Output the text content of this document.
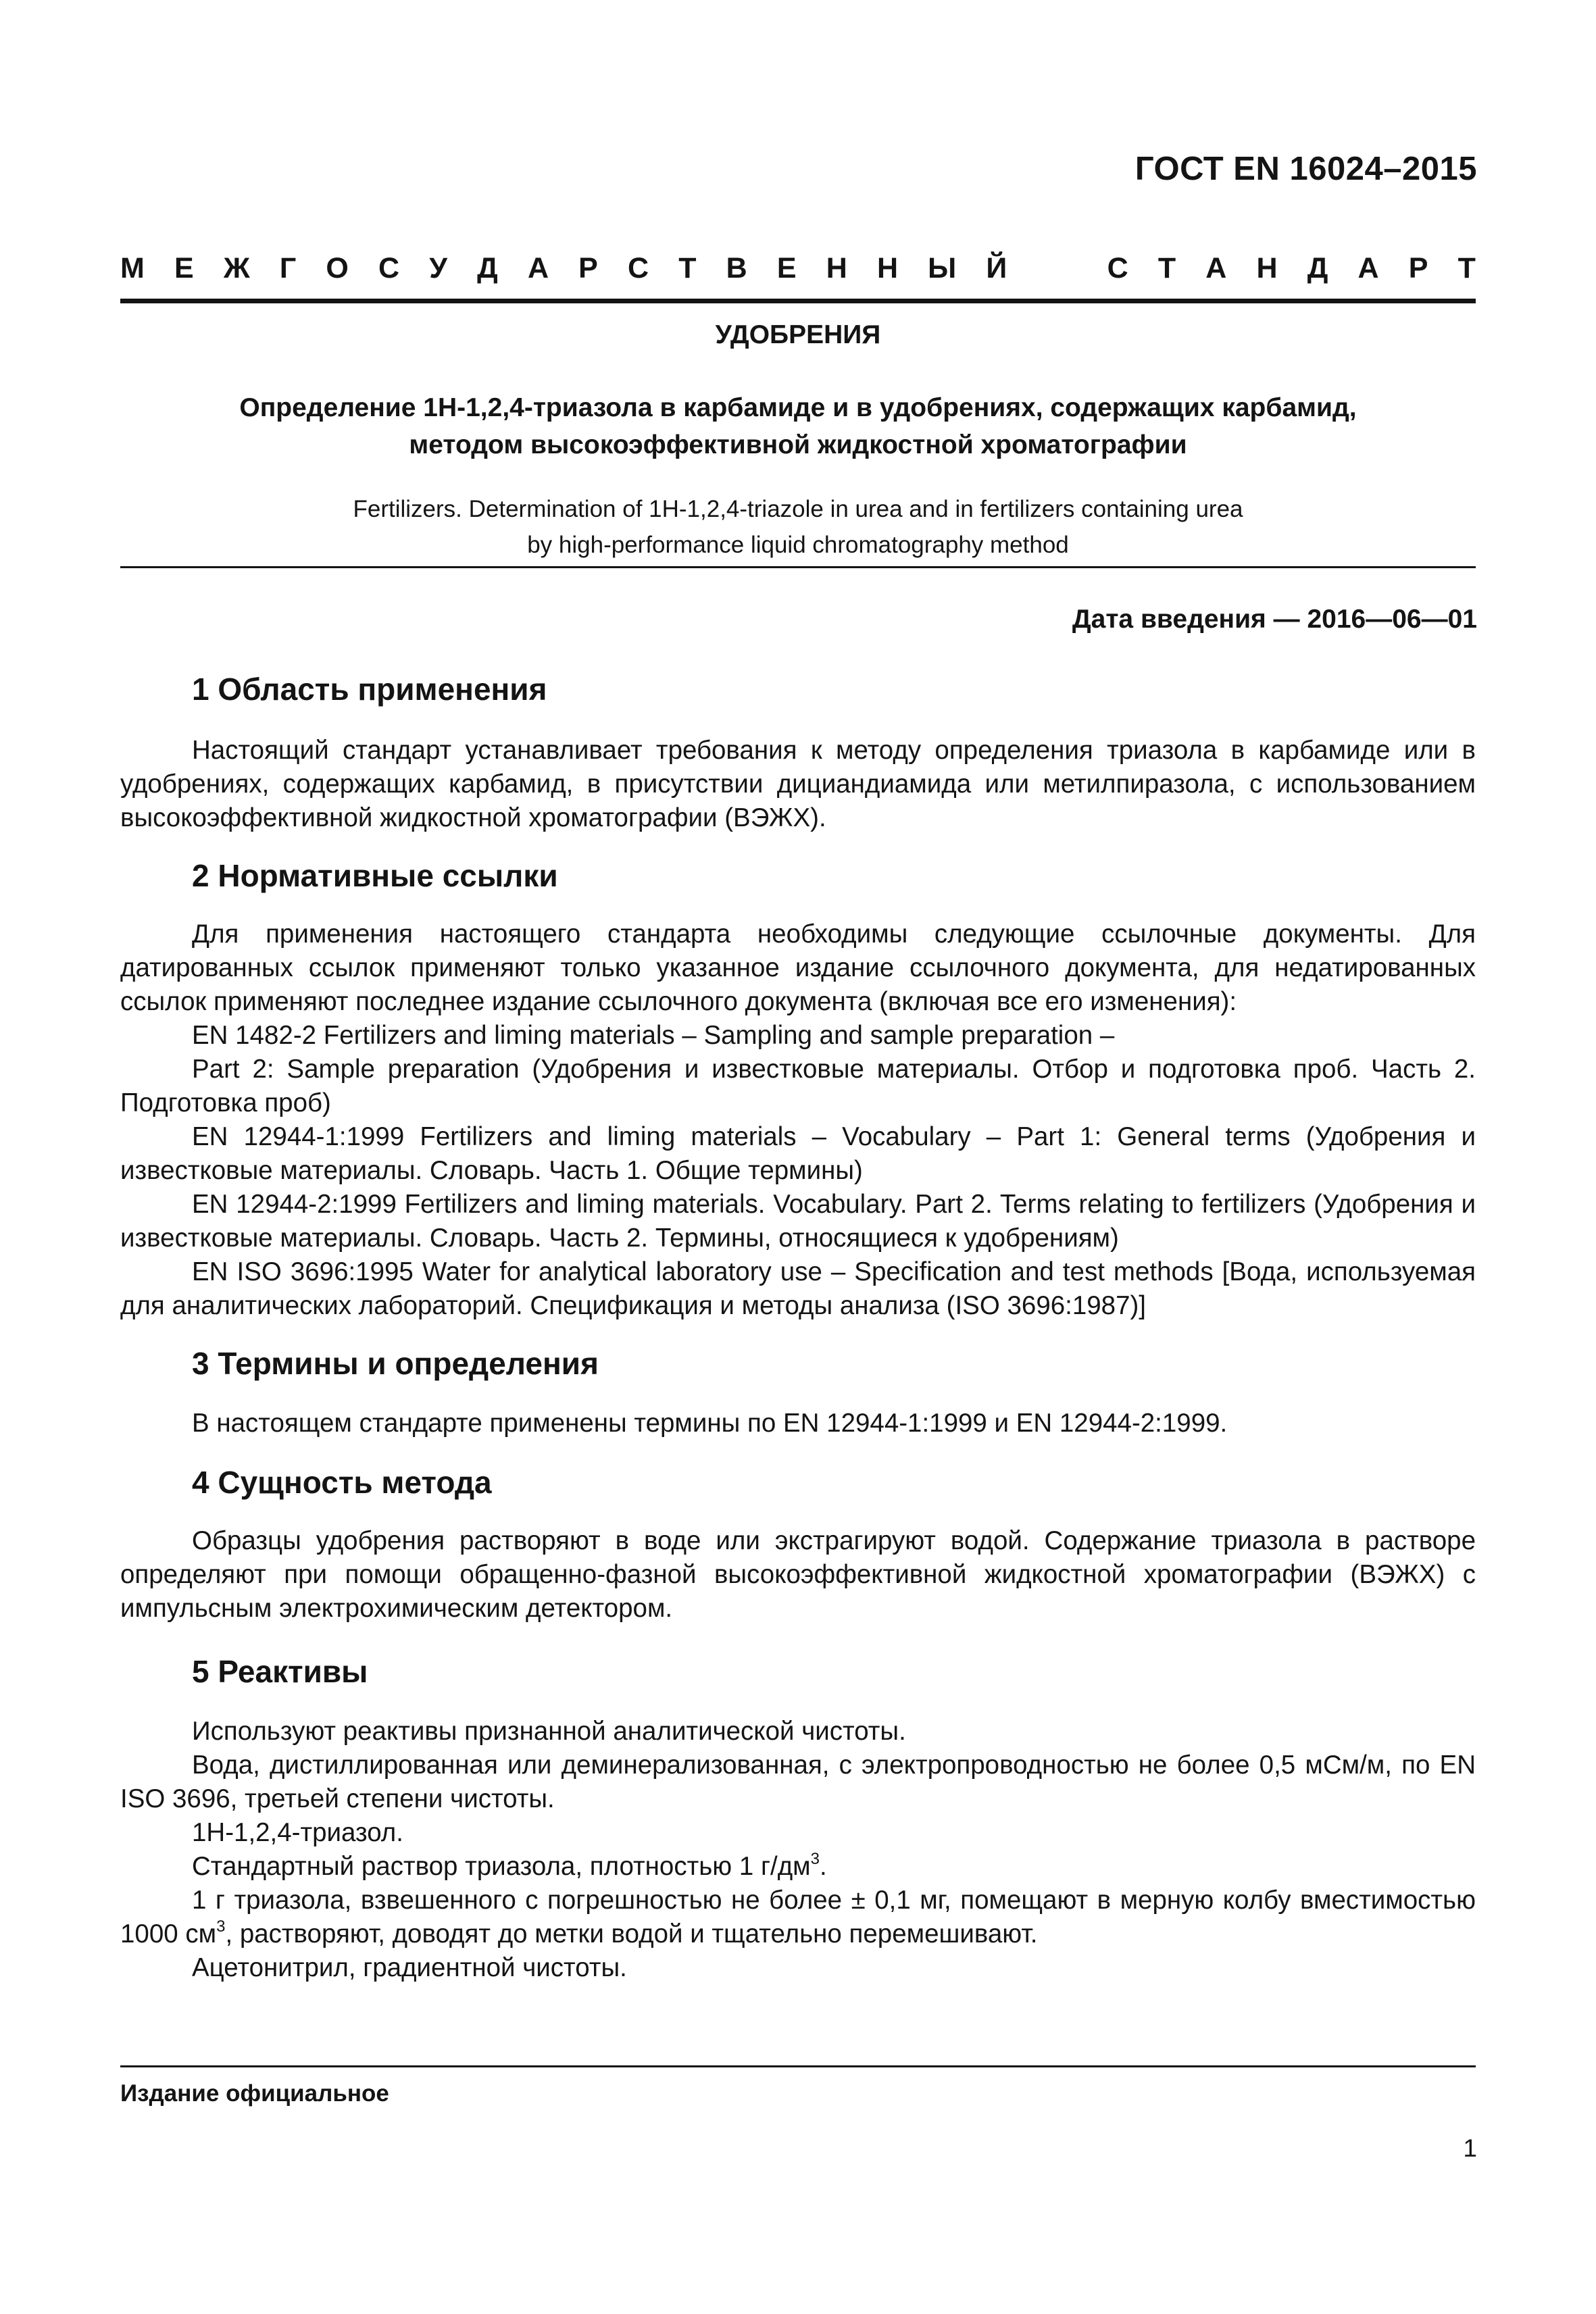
ГОСТ EN 16024–2015
М Е Ж Г О С У Д А Р С Т В Е Н Н Ы Й	С Т А Н Д А Р Т
УДОБРЕНИЯ
Определение 1Н-1,2,4-триазола в карбамиде и в удобрениях, содержащих карбамид,
методом высокоэффективной жидкостной хроматографии
Fertilizers. Determination of 1H-1,2,4-triazole in urea and in fertilizers containing urea
by high-performance liquid chromatography method
Дата введения — 2016—06—01
1 Область применения

Настоящий стандарт устанавливает требования к методу определения триазола в карбамиде или в удобрениях, содержащих карбамид, в присутствии дициандиамида или метилпиразола, с использованием высокоэффективной жидкостной хроматографии (ВЭЖХ).

2 Нормативные ссылки

Для применения настоящего стандарта необходимы следующие ссылочные документы. Для датированных ссылок применяют только указанное издание ссылочного документа, для недатированных ссылок применяют последнее издание ссылочного документа (включая все его изменения):

EN 1482-2 Fertilizers and liming materials – Sampling and sample preparation –

Part 2: Sample preparation (Удобрения и известковые материалы. Отбор и подготовка проб. Часть 2. Подготовка проб)

EN 12944-1:1999 Fertilizers and liming materials – Vocabulary – Part 1: General terms (Удобрения и известковые материалы. Словарь. Часть 1. Общие термины)

EN 12944-2:1999 Fertilizers and liming materials. Vocabulary. Part 2. Terms relating to fertilizers (Удобрения и известковые материалы. Словарь. Часть 2. Термины, относящиеся к удобрениям)

EN ISO 3696:1995 Water for analytical laboratory use – Specification and test methods [Вода, используемая для аналитических лабораторий. Спецификация и методы анализа (ISO 3696:1987)]

3 Термины и определения

В настоящем стандарте применены термины по EN 12944-1:1999 и EN 12944-2:1999.

4 Сущность метода

Образцы удобрения растворяют в воде или экстрагируют водой. Содержание триазола в растворе определяют при помощи обращенно-фазной высокоэффективной жидкостной хроматографии (ВЭЖХ) с импульсным электрохимическим детектором.

5 Реактивы

Используют реактивы признанной аналитической чистоты.

Вода, дистиллированная или деминерализованная, с электропроводностью не более 0,5 мСм/м, по EN ISO 3696, третьей степени чистоты.

1Н-1,2,4-триазол.

Стандартный раствор триазола, плотностью 1 $г/дм^3$.

1 г триазола, взвешенного с погрешностью не более ± 0,1 мг, помещают в мерную колбу вместимостью 1000 $см^3$, растворяют, доводят до метки водой и тщательно перемешивают.

Ацетонитрил, градиентной чистоты.

Издание официальное
1
